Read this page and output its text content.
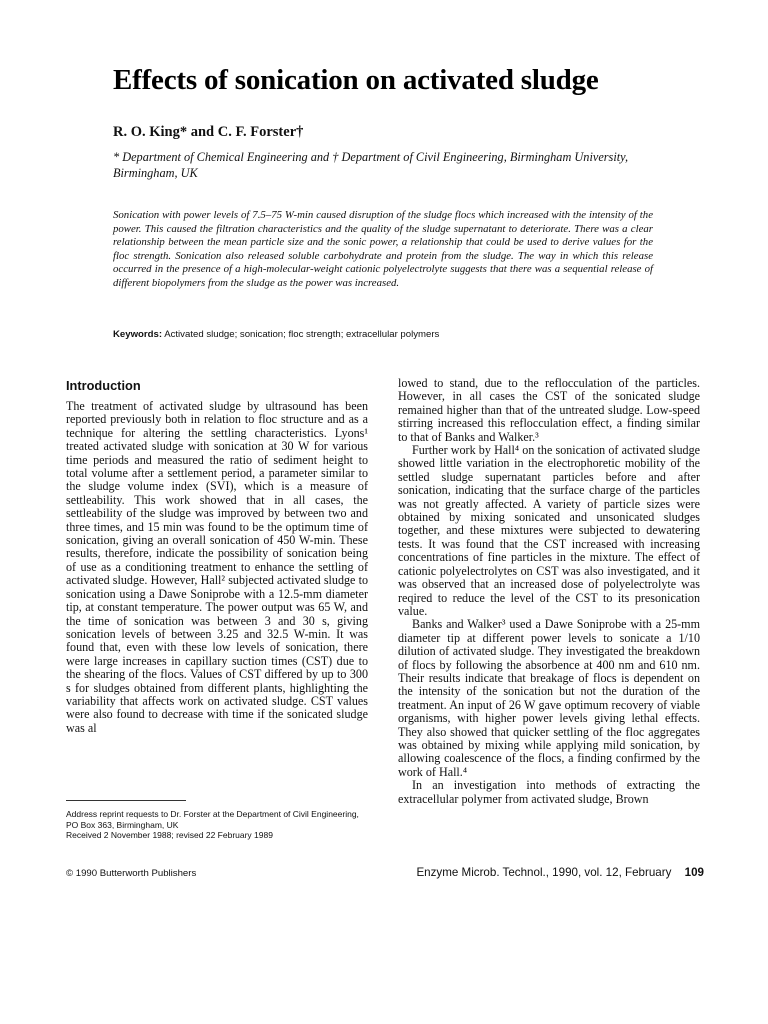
Effects of sonication on activated sludge
R. O. King* and C. F. Forster†
* Department of Chemical Engineering and † Department of Civil Engineering, Birmingham University, Birmingham, UK
Sonication with power levels of 7.5–75 W-min caused disruption of the sludge flocs which increased with the intensity of the power. This caused the filtration characteristics and the quality of the sludge supernatant to deteriorate. There was a clear relationship between the mean particle size and the sonic power, a relationship that could be used to derive values for the floc strength. Sonication also released soluble carbohydrate and protein from the sludge. The way in which this release occurred in the presence of a high-molecular-weight cationic polyelectrolyte suggests that there was a sequential release of different biopolymers from the sludge as the power was increased.
Keywords: Activated sludge; sonication; floc strength; extracellular polymers
Introduction

The treatment of activated sludge by ultrasound has been reported previously both in relation to floc structure and as a technique for altering the settling characteristics. Lyons¹ treated activated sludge with sonication at 30 W for various time periods and measured the ratio of sediment height to total volume after a settlement period, a parameter similar to the sludge volume index (SVI), which is a measure of settleability. This work showed that in all cases, the settleability of the sludge was improved by between two and three times, and 15 min was found to be the optimum time of sonication, giving an overall sonication of 450 W-min. These results, therefore, indicate the possibility of sonication being of use as a conditioning treatment to enhance the settling of activated sludge. However, Hall² subjected activated sludge to sonication using a Dawe Soniprobe with a 12.5-mm diameter tip, at constant temperature. The power output was 65 W, and the time of sonication was between 3 and 30 s, giving sonication levels of between 3.25 and 32.5 W-min. It was found that, even with these low levels of sonication, there were large increases in capillary suction times (CST) due to the shearing of the flocs. Values of CST differed by up to 300 s for sludges obtained from different plants, highlighting the variability that affects work on activated sludge. CST values were also found to decrease with time if the sonicated sludge was al

lowed to stand, due to the reflocculation of the particles. However, in all cases the CST of the sonicated sludge remained higher than that of the untreated sludge. Low-speed stirring increased this reflocculation effect, a finding similar to that of Banks and Walker.³

Further work by Hall⁴ on the sonication of activated sludge showed little variation in the electrophoretic mobility of the settled sludge supernatant particles before and after sonication, indicating that the surface charge of the particles was not greatly affected. A variety of particle sizes were obtained by mixing sonicated and unsonicated sludges together, and these mixtures were subjected to dewatering tests. It was found that the CST increased with increasing concentrations of fine particles in the mixture. The effect of cationic polyelectrolytes on CST was also investigated, and it was observed that an increased dose of polyelectrolyte was reqired to reduce the level of the CST to its presonication value.

Banks and Walker³ used a Dawe Soniprobe with a 25-mm diameter tip at different power levels to sonicate a 1/10 dilution of activated sludge. They investigated the breakdown of flocs by following the absorbence at 400 nm and 610 nm. Their results indicate that breakage of flocs is dependent on the intensity of the sonication but not the duration of the treatment. An input of 26 W gave optimum recovery of viable organisms, with higher power levels giving lethal effects. They also showed that quicker settling of the floc aggregates was obtained by mixing while applying mild sonication, by allowing coalescence of the flocs, a finding confirmed by the work of Hall.⁴

In an investigation into methods of extracting the extracellular polymer from activated sludge, Brown

Address reprint requests to Dr. Forster at the Department of Civil Engineering, PO Box 363, Birmingham, UK
Received 2 November 1988; revised 22 February 1989
© 1990 Butterworth Publishers	Enzyme Microb. Technol., 1990, vol. 12, February 109
